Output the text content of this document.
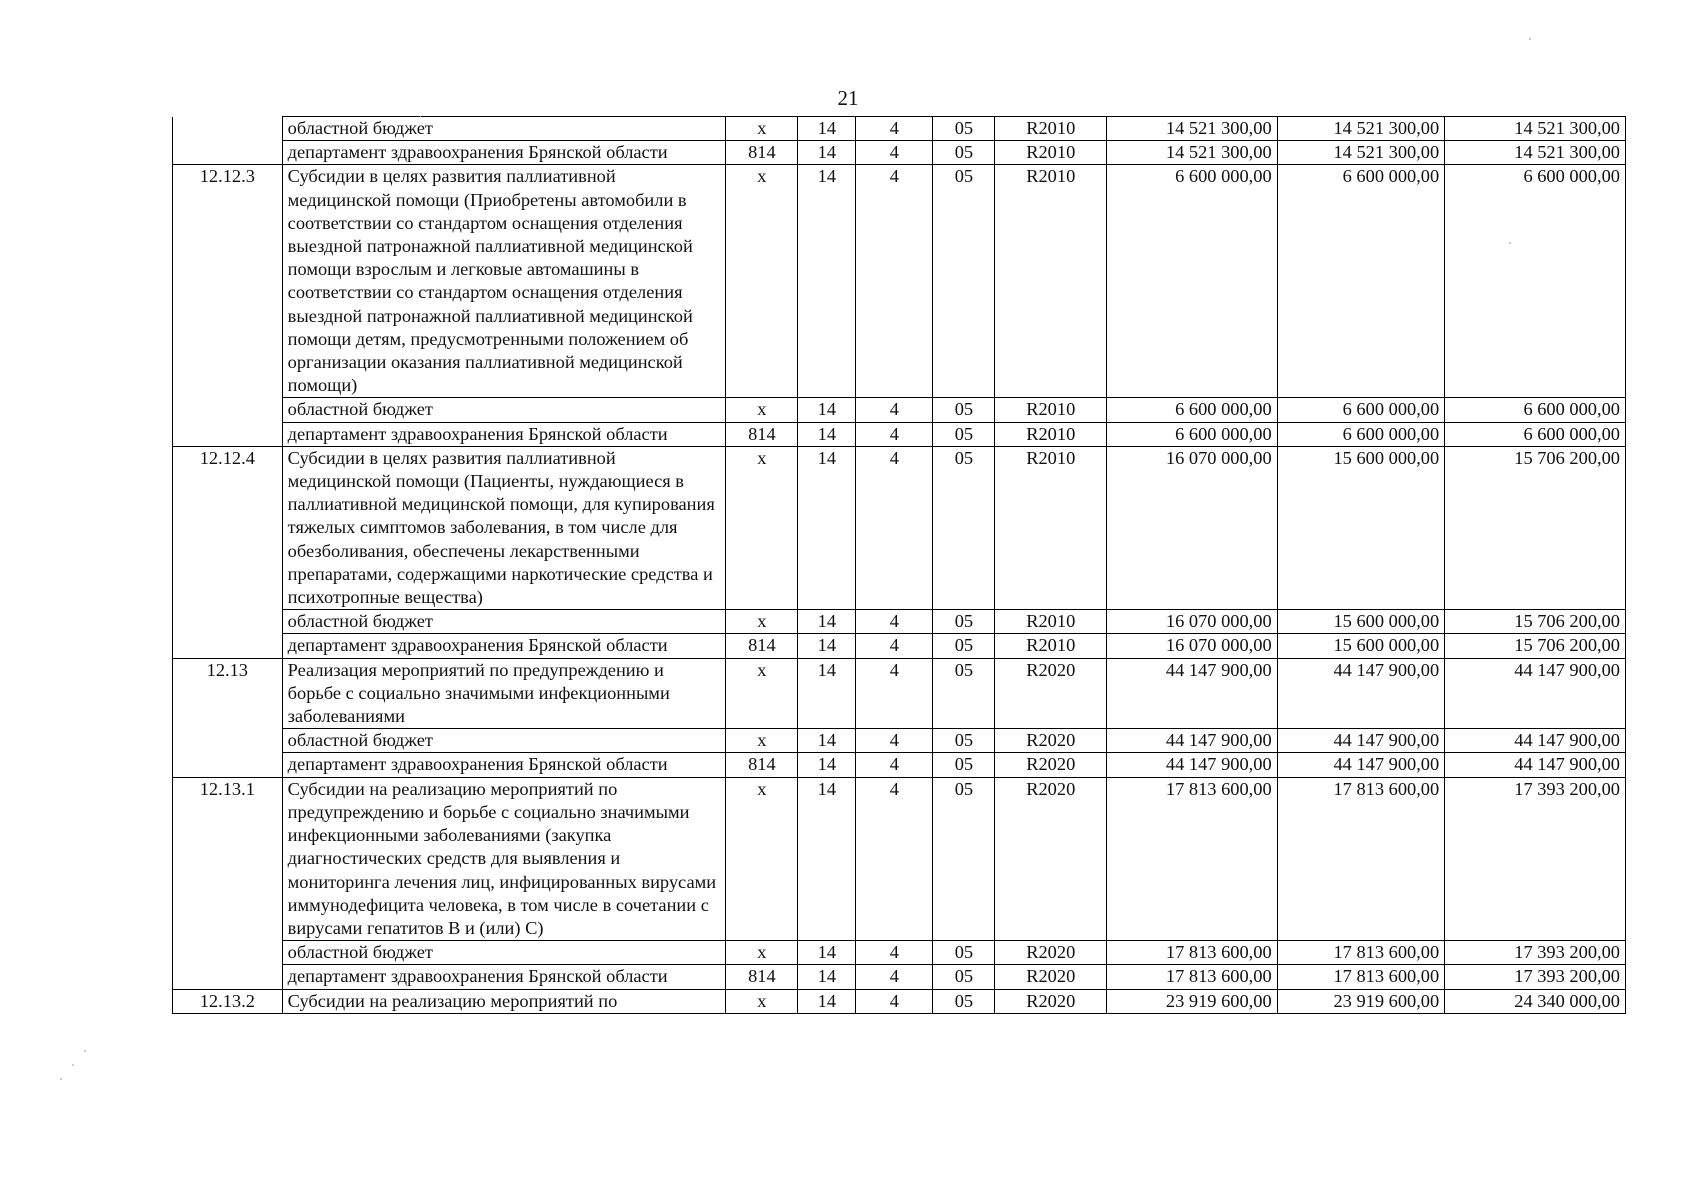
21
	областной бюджет	х	14	4	05	R2010	14 521 300,00	14 521 300,00	14 521 300,00
	департамент здравоохранения Брянской области	814	14	4	05	R2010	14 521 300,00	14 521 300,00	14 521 300,00
12.12.3	Субсидии в целях развития паллиативной медицинской помощи (Приобретены автомобили в соответствии со стандартом оснащения отделения выездной патронажной паллиативной медицинской помощи взрослым и легковые автомашины в соответствии со стандартом оснащения отделения выездной патронажной паллиативной медицинской помощи детям, предусмотренными положением об организации оказания паллиативной медицинской помощи)	х	14	4	05	R2010	6 600 000,00	6 600 000,00	6 600 000,00
	областной бюджет	х	14	4	05	R2010	6 600 000,00	6 600 000,00	6 600 000,00
	департамент здравоохранения Брянской области	814	14	4	05	R2010	6 600 000,00	6 600 000,00	6 600 000,00
12.12.4	Субсидии в целях развития паллиативной медицинской помощи (Пациенты, нуждающиеся в паллиативной медицинской помощи, для купирования тяжелых симптомов заболевания, в том числе для обезболивания, обеспечены лекарственными препаратами, содержащими наркотические средства и психотропные вещества)	х	14	4	05	R2010	16 070 000,00	15 600 000,00	15 706 200,00
	областной бюджет	х	14	4	05	R2010	16 070 000,00	15 600 000,00	15 706 200,00
	департамент здравоохранения Брянской области	814	14	4	05	R2010	16 070 000,00	15 600 000,00	15 706 200,00
12.13	Реализация мероприятий по предупреждению и борьбе с социально значимыми инфекционными заболеваниями	х	14	4	05	R2020	44 147 900,00	44 147 900,00	44 147 900,00
	областной бюджет	х	14	4	05	R2020	44 147 900,00	44 147 900,00	44 147 900,00
	департамент здравоохранения Брянской области	814	14	4	05	R2020	44 147 900,00	44 147 900,00	44 147 900,00
12.13.1	Субсидии на реализацию мероприятий по предупреждению и борьбе с социально значимыми инфекционными заболеваниями (закупка диагностических средств для выявления и мониторинга лечения лиц, инфицированных вирусами иммунодефицита человека, в том числе в сочетании с вирусами гепатитов В и (или) С)	х	14	4	05	R2020	17 813 600,00	17 813 600,00	17 393 200,00
	областной бюджет	х	14	4	05	R2020	17 813 600,00	17 813 600,00	17 393 200,00
	департамент здравоохранения Брянской области	814	14	4	05	R2020	17 813 600,00	17 813 600,00	17 393 200,00
12.13.2	Субсидии на реализацию мероприятий по	х	14	4	05	R2020	23 919 600,00	23 919 600,00	24 340 000,00
